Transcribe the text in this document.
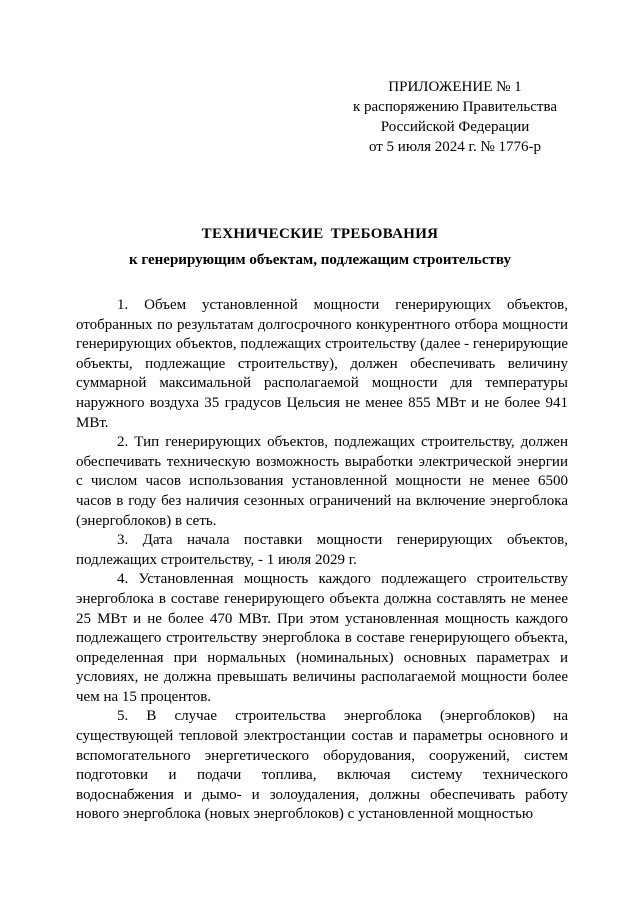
ПРИЛОЖЕНИЕ № 1
к распоряжению Правительства
Российской Федерации
от 5 июля 2024 г. № 1776-р
ТЕХНИЧЕСКИЕ ТРЕБОВАНИЯ
к генерирующим объектам, подлежащим строительству

1. Объем установленной мощности генерирующих объектов, отобранных по результатам долгосрочного конкурентного отбора мощности генерирующих объектов, подлежащих строительству (далее - генерирующие объекты, подлежащие строительству), должен обеспечивать величину суммарной максимальной располагаемой мощности для температуры наружного воздуха 35 градусов Цельсия не менее 855 МВт и не более 941 МВт.

2. Тип генерирующих объектов, подлежащих строительству, должен обеспечивать техническую возможность выработки электрической энергии с числом часов использования установленной мощности не менее 6500 часов в году без наличия сезонных ограничений на включение энергоблока (энергоблоков) в сеть.

3. Дата начала поставки мощности генерирующих объектов, подлежащих строительству, - 1 июля 2029 г.

4. Установленная мощность каждого подлежащего строительству энергоблока в составе генерирующего объекта должна составлять не менее 25 МВт и не более 470 МВт. При этом установленная мощность каждого подлежащего строительству энергоблока в составе генерирующего объекта, определенная при нормальных (номинальных) основных параметрах и условиях, не должна превышать величины располагаемой мощности более чем на 15 процентов.

5. В случае строительства энергоблока (энергоблоков) на существующей тепловой электростанции состав и параметры основного и вспомогательного энергетического оборудования, сооружений, систем подготовки и подачи топлива, включая систему технического водоснабжения и дымо- и золоудаления, должны обеспечивать работу нового энергоблока (новых энергоблоков) с установленной мощностью
